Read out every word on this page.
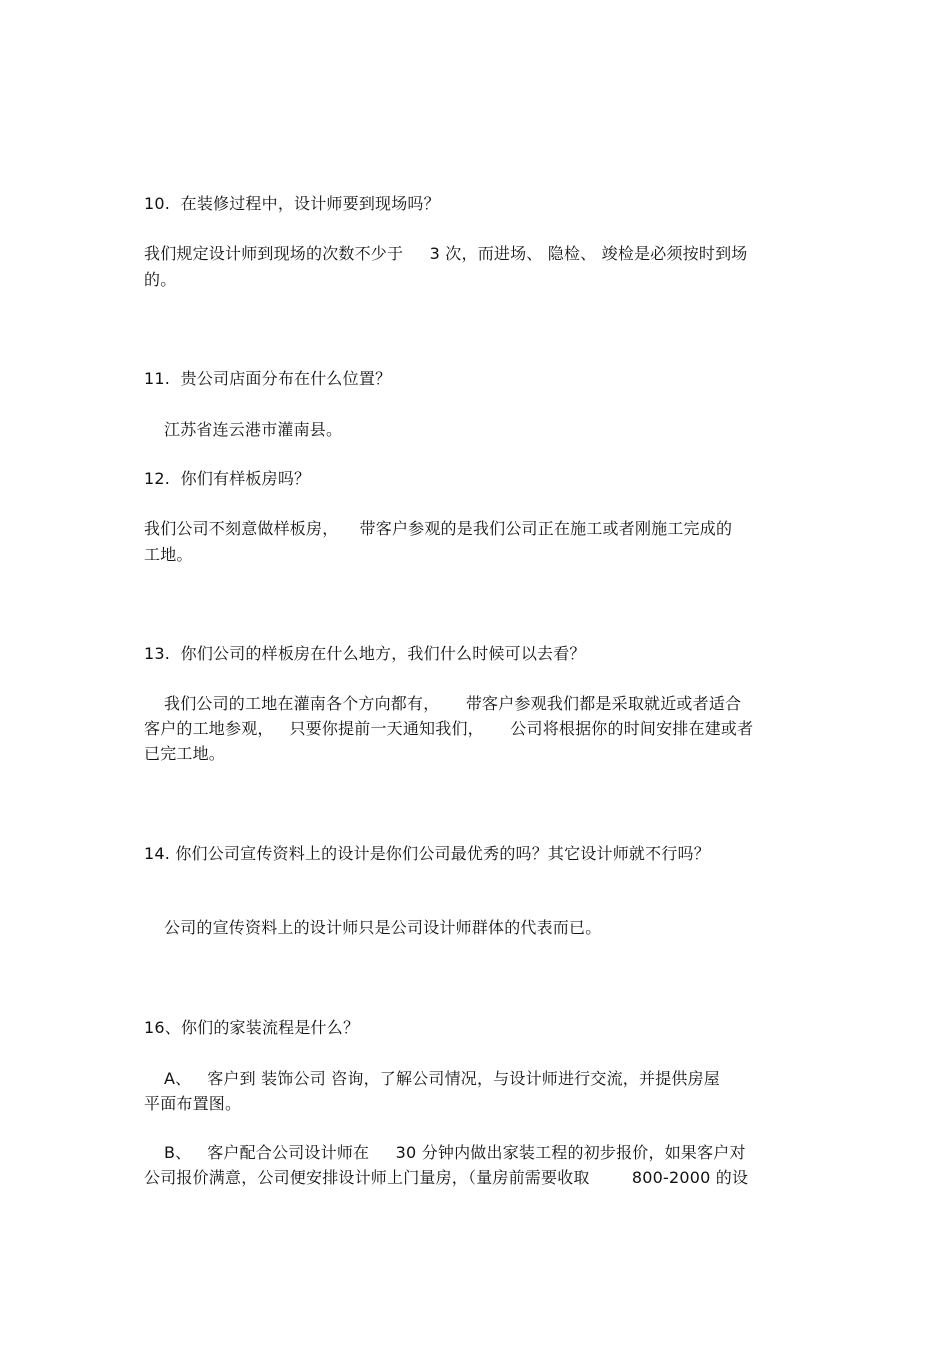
10.  在装修过程中，设计师要到现场吗？
我们规定设计师到现场的次数不少于     3 次，而进场、 隐检、 竣检是必须按时到场
的。
11.  贵公司店面分布在什么位置？
江苏省连云港市灌南县。
12.  你们有样板房吗？
我们公司不刻意做样板房，    带客户参观的是我们公司正在施工或者刚施工完成的
工地。
13.  你们公司的样板房在什么地方，我们什么时候可以去看？
我们公司的工地在灌南各个方向都有，     带客户参观我们都是采取就近或者适合
客户的工地参观，   只要你提前一天通知我们，     公司将根据你的时间安排在建或者
已完工地。
14. 你们公司宣传资料上的设计是你们公司最优秀的吗？其它设计师就不行吗？
公司的宣传资料上的设计师只是公司设计师群体的代表而已。
16、你们的家装流程是什么？
A、   客户到 装饰公司 咨询，了解公司情况，与设计师进行交流，并提供房屋
平面布置图。
B、   客户配合公司设计师在     30 分钟内做出家装工程的初步报价，如果客户对
公司报价满意，公司便安排设计师上门量房，（量房前需要收取        800-2000 的设
